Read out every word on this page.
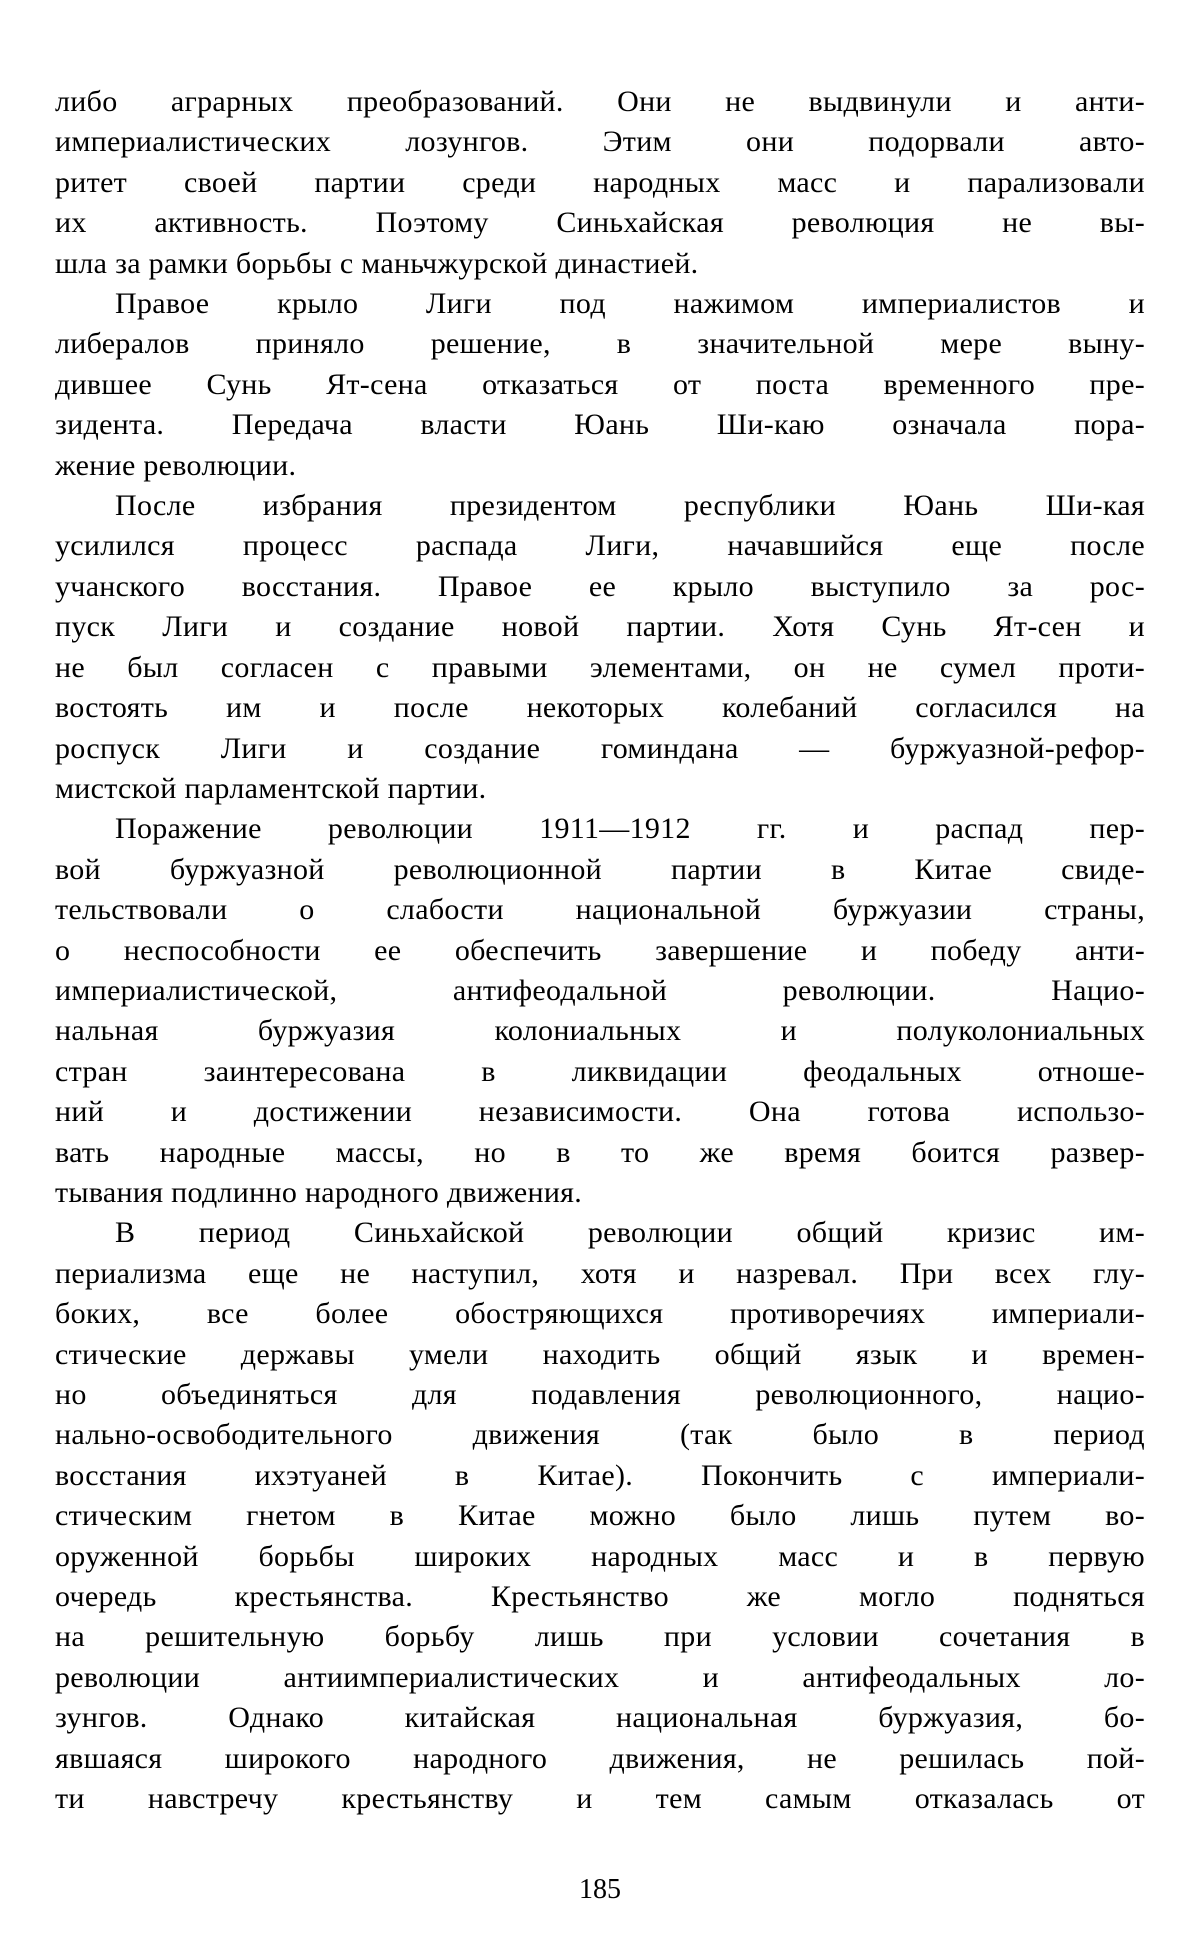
либо аграрных преобразований. Они не выдвинули и анти-
империалистических лозунгов. Этим они подорвали авто-
ритет своей партии среди народных масс и парализовали
их активность. Поэтому Синьхайская революция не вы-
шла за рамки борьбы с маньчжурской династией.

Правое крыло Лиги под нажимом империалистов и
либералов приняло решение, в значительной мере выну-
дившее Сунь Ят-сена отказаться от поста временного пре-
зидента. Передача власти Юань Ши-каю означала пора-
жение революции.

После избрания президентом республики Юань Ши-кая
усилился процесс распада Лиги, начавшийся еще после
учанского восстания. Правое ее крыло выступило за рос-
пуск Лиги и создание новой партии. Хотя Сунь Ят-сен и
не был согласен с правыми элементами, он не сумел проти-
востоять им и после некоторых колебаний согласился на
роспуск Лиги и создание гоминдана — буржуазной-рефор-
мистской парламентской партии.

Поражение революции 1911—1912 гг. и распад пер-
вой буржуазной революционной партии в Китае свиде-
тельствовали о слабости национальной буржуазии страны,
о неспособности ее обеспечить завершение и победу анти-
империалистической, антифеодальной революции. Нацио-
нальная буржуазия колониальных и полуколониальных
стран заинтересована в ликвидации феодальных отноше-
ний и достижении независимости. Она готова использо-
вать народные массы, но в то же время боится развер-
тывания подлинно народного движения.

В период Синьхайской революции общий кризис им-
периализма еще не наступил, хотя и назревал. При всех глу-
боких, все более обостряющихся противоречиях империали-
стические державы умели находить общий язык и времен-
но объединяться для подавления революционного, нацио-
нально-освободительного движения (так было в период
восстания ихэтуаней в Китае). Покончить с империали-
стическим гнетом в Китае можно было лишь путем во-
оруженной борьбы широких народных масс и в первую
очередь крестьянства. Крестьянство же могло подняться
на решительную борьбу лишь при условии сочетания в
революции антиимпериалистических и антифеодальных ло-
зунгов. Однако китайская национальная буржуазия, бо-
явшаяся широкого народного движения, не решилась пой-
ти навстречу крестьянству и тем самым отказалась от

185
